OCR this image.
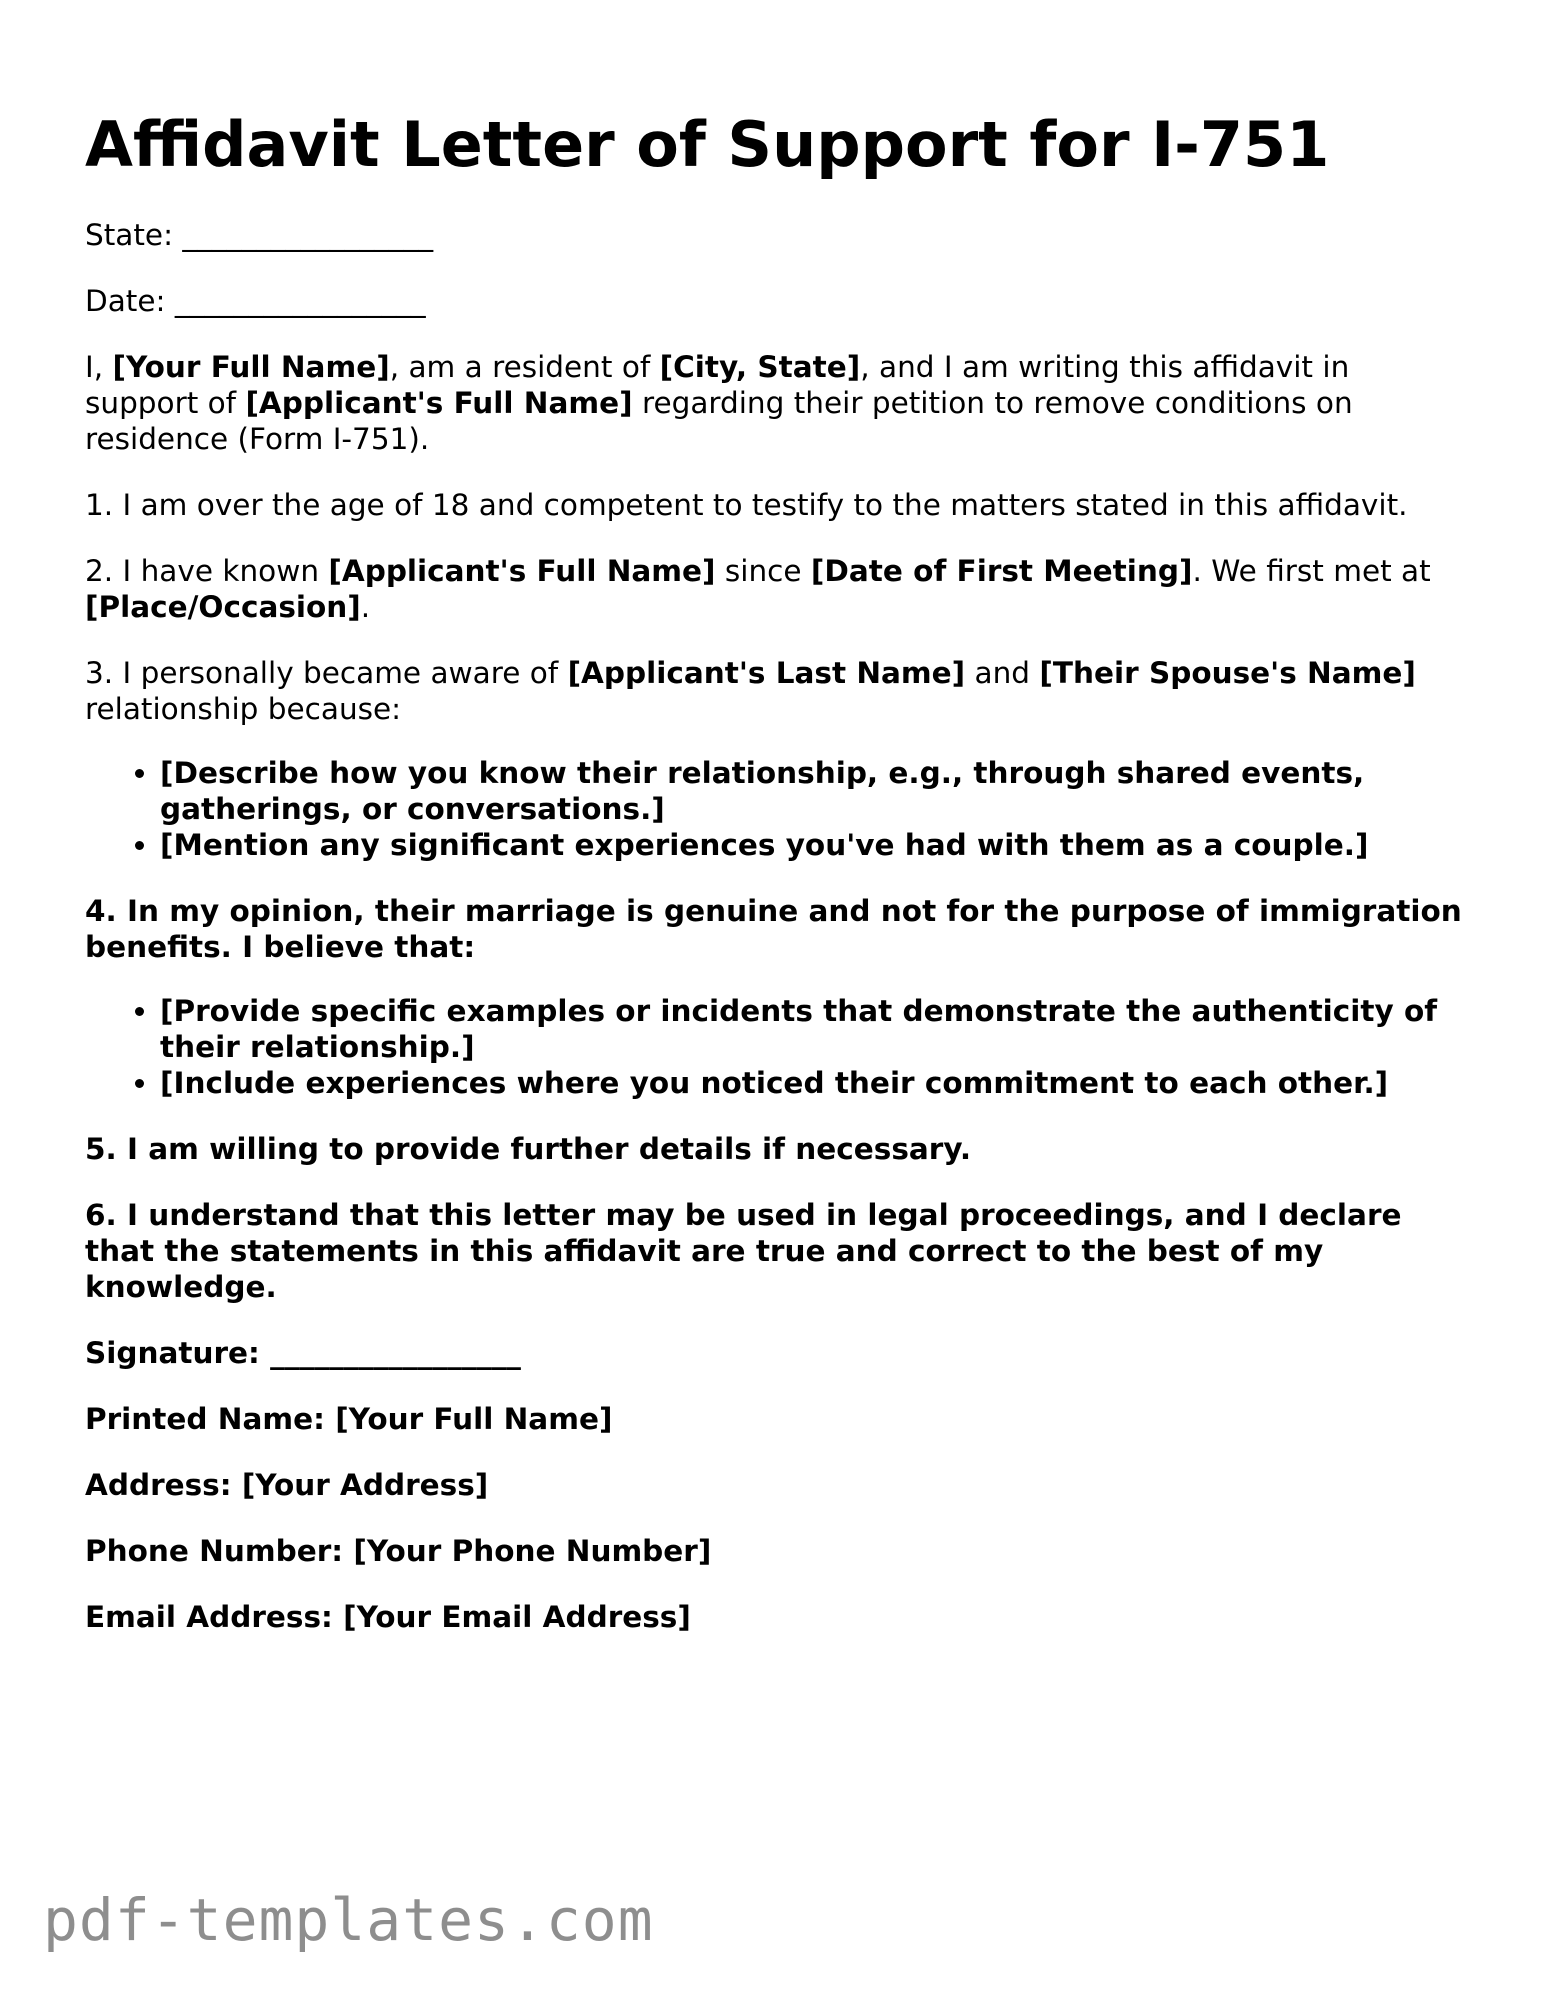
Affidavit Letter of Support for I-751

State: _________________

Date: _________________

I, [Your Full Name], am a resident of [City, State], and I am writing this affidavit in support of [Applicant's Full Name] regarding their petition to remove conditions on residence (Form I-751).

1. I am over the age of 18 and competent to testify to the matters stated in this affidavit.

2. I have known [Applicant's Full Name] since [Date of First Meeting]. We first met at [Place/Occasion].

3. I personally became aware of [Applicant's Last Name] and [Their Spouse's Name] relationship because:

• [Describe how you know their relationship, e.g., through shared events, gatherings, or conversations.]
• [Mention any significant experiences you've had with them as a couple.]

4. In my opinion, their marriage is genuine and not for the purpose of immigration benefits. I believe that:

• [Provide specific examples or incidents that demonstrate the authenticity of their relationship.]
• [Include experiences where you noticed their commitment to each other.]

5. I am willing to provide further details if necessary.

6. I understand that this letter may be used in legal proceedings, and I declare that the statements in this affidavit are true and correct to the best of my knowledge.

Signature: _________________

Printed Name: [Your Full Name]

Address: [Your Address]

Phone Number: [Your Phone Number]

Email Address: [Your Email Address]

pdf-templates.com
